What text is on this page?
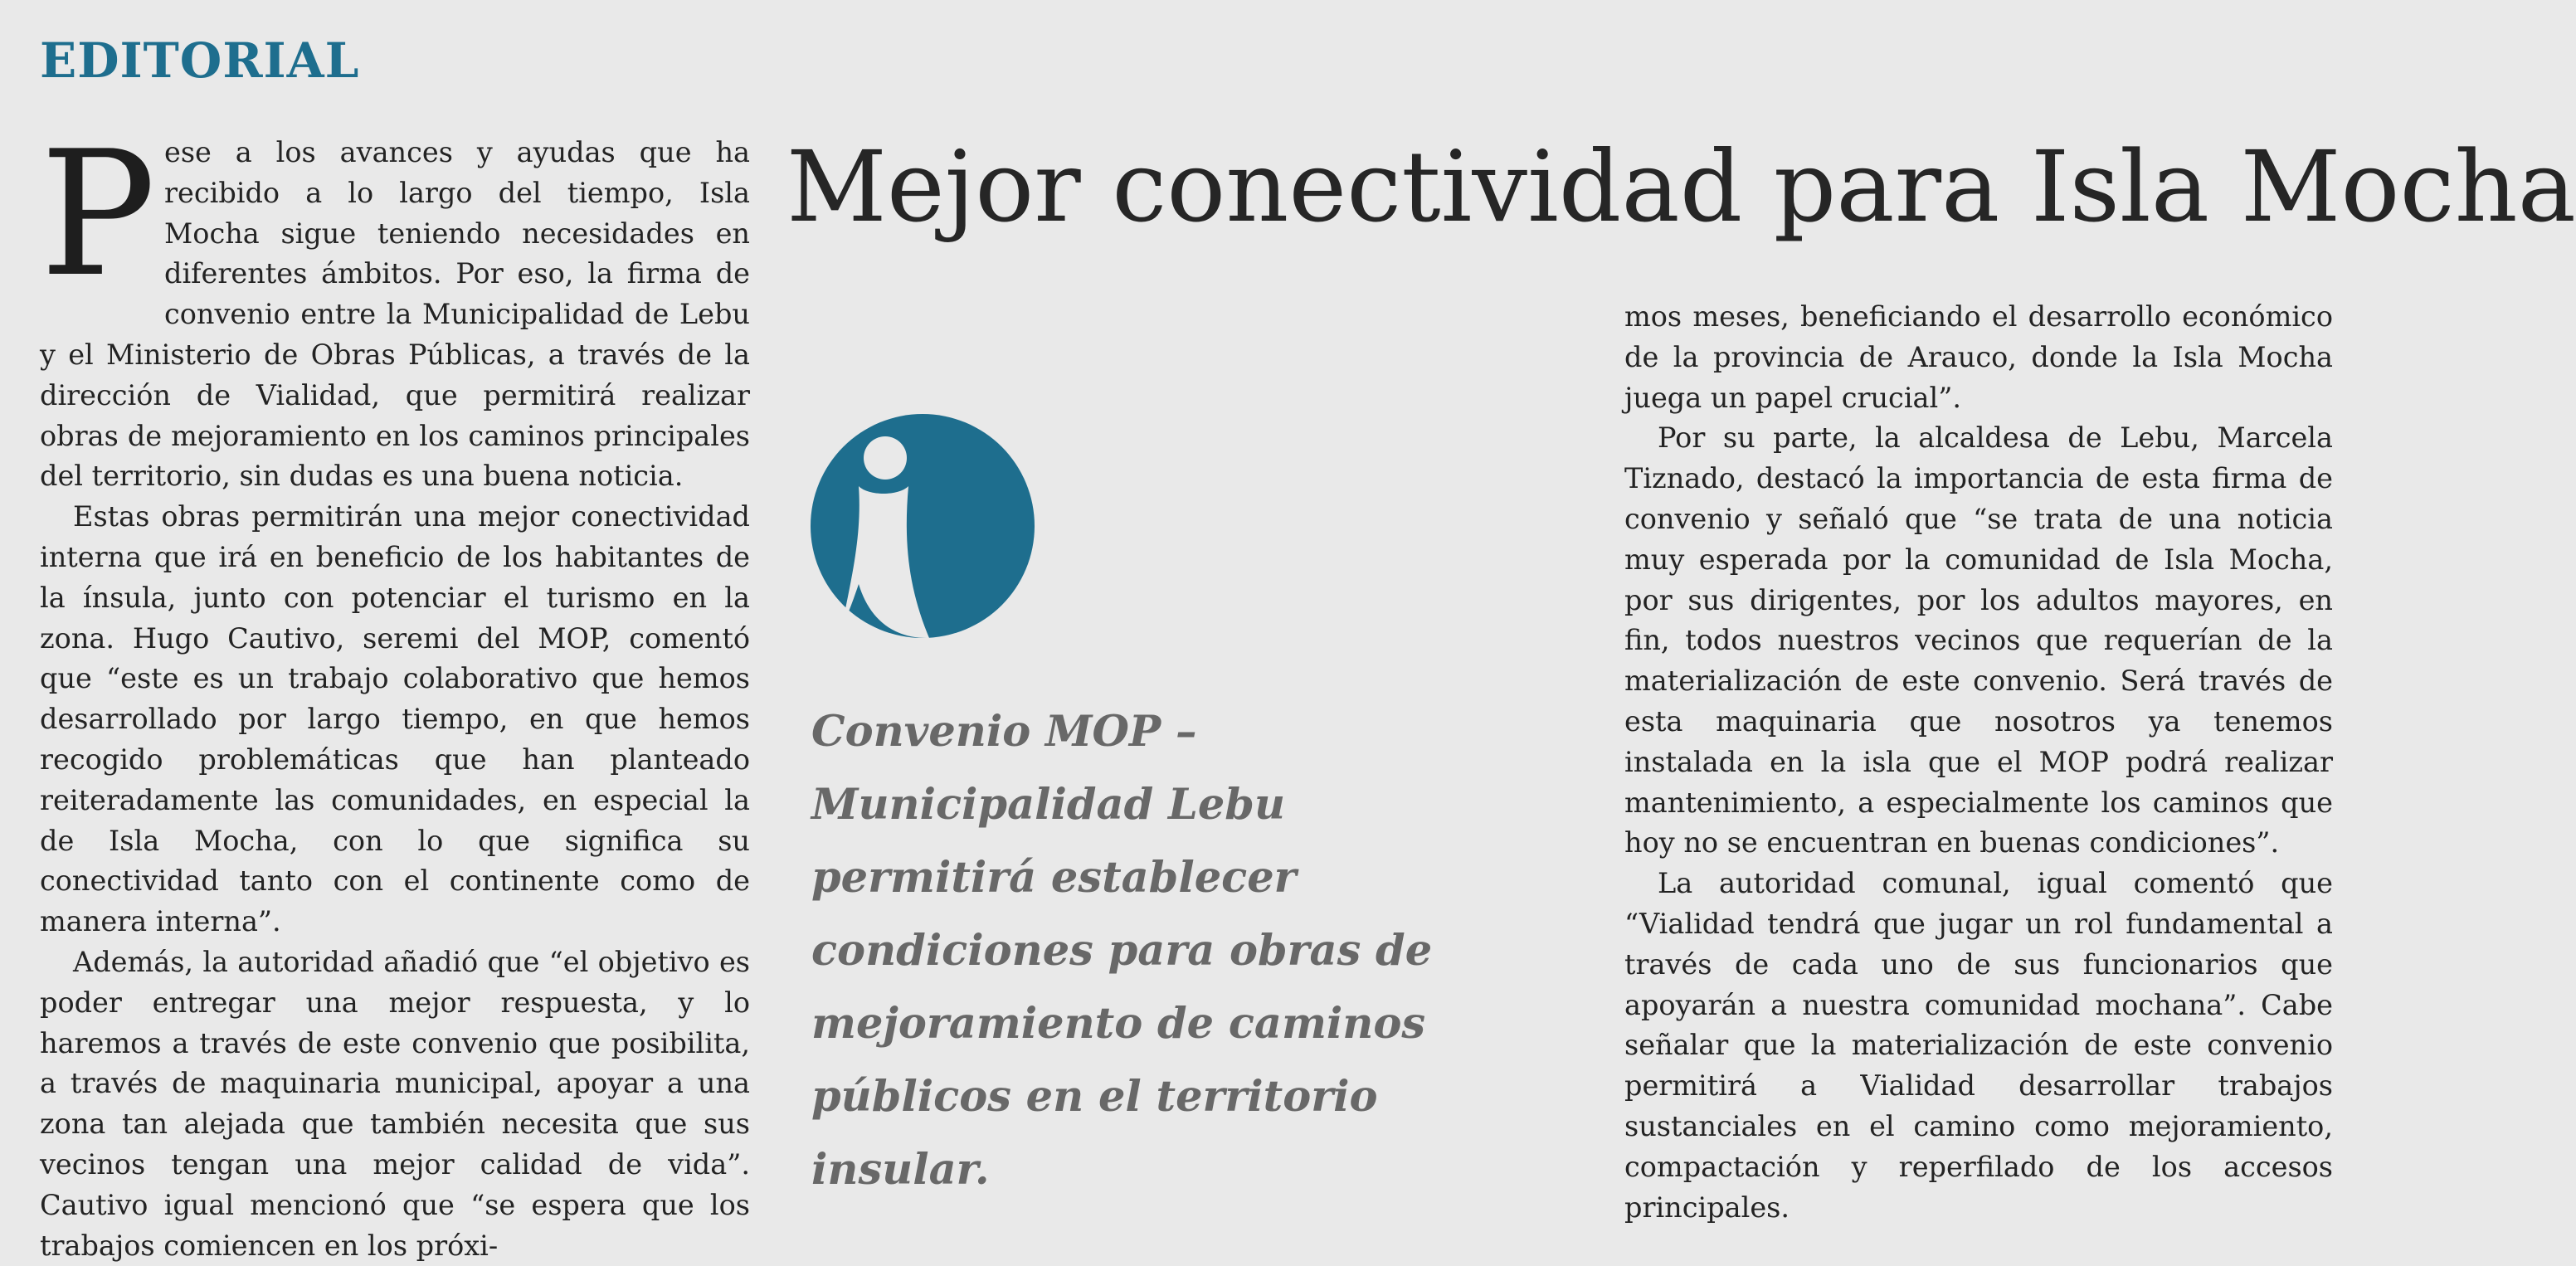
EDITORIAL

Pese a los avances y ayudas que ha recibido a lo largo del tiempo, Isla Mocha sigue teniendo necesidades en diferentes ámbitos. Por eso, la firma de convenio entre la Municipalidad de Lebu y el Ministerio de Obras Públicas, a través de la dirección de Vialidad, que permitirá realizar obras de mejoramiento en los caminos principales del territorio, sin dudas es una buena noticia.

Estas obras permitirán una mejor conectividad interna que irá en beneficio de los habitantes de la ínsula, junto con potenciar el turismo en la zona. Hugo Cautivo, seremi del MOP, comentó que “este es un trabajo colaborativo que hemos desarrollado por largo tiempo, en que hemos recogido problemáticas que han planteado reiteradamente las comunidades, en especial la de Isla Mocha, con lo que significa su conectividad tanto con el continente como de manera interna”.

Además, la autoridad añadió que “el objetivo es poder entregar una mejor respuesta, y lo haremos a través de este convenio que posibilita, a través de maquinaria municipal, apoyar a una zona tan alejada que también necesita que sus vecinos tengan una mejor calidad de vida”. Cautivo igual mencionó que “se espera que los trabajos comiencen en los próxi-

Mejor conectividad para Isla Mocha

Convenio MOP – Municipalidad Lebu permitirá establecer condiciones para obras de mejoramiento de caminos públicos en el territorio insular.

mos meses, beneficiando el desarrollo económico de la provincia de Arauco, donde la Isla Mocha juega un papel crucial”.

Por su parte, la alcaldesa de Lebu, Marcela Tiznado, destacó la importancia de esta firma de convenio y señaló que “se trata de una noticia muy esperada por la comunidad de Isla Mocha, por sus dirigentes, por los adultos mayores, en fin, todos nuestros vecinos que requerían de la materialización de este convenio. Será través de esta maquinaria que nosotros ya tenemos instalada en la isla que el MOP podrá realizar mantenimiento, a especialmente los caminos que hoy no se encuentran en buenas condiciones”.

La autoridad comunal, igual comentó que “Vialidad tendrá que jugar un rol fundamental a través de cada uno de sus funcionarios que apoyarán a nuestra comunidad mochana”. Cabe señalar que la materialización de este convenio permitirá a Vialidad desarrollar trabajos sustanciales en el camino como mejoramiento, compactación y reperfilado de los accesos principales.
